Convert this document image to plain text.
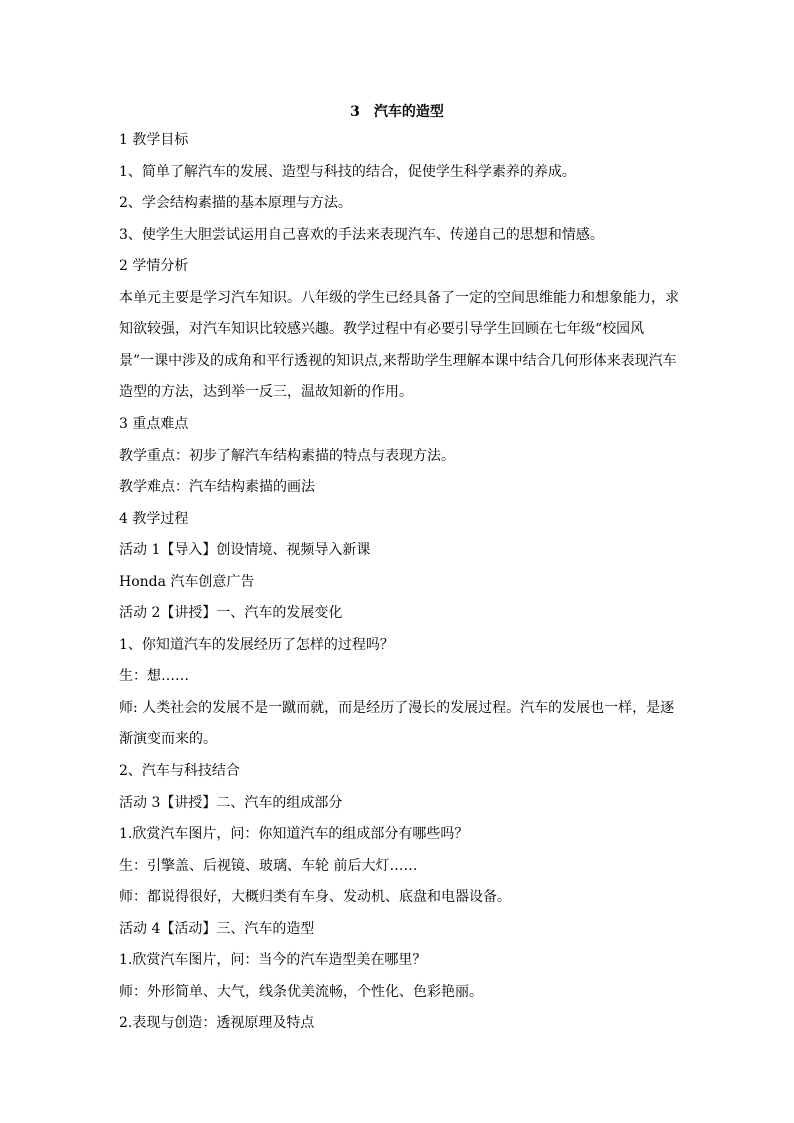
3　汽车的造型

1 教学目标

1、简单了解汽车的发展、造型与科技的结合，促使学生科学素养的养成。

2、学会结构素描的基本原理与方法。

3、使学生大胆尝试运用自己喜欢的手法来表现汽车、传递自己的思想和情感。

2 学情分析

本单元主要是学习汽车知识。八年级的学生已经具备了一定的空间思维能力和想象能力，求知欲较强，对汽车知识比较感兴趣。教学过程中有必要引导学生回顾在七年级“校园风景”一课中涉及的成角和平行透视的知识点,来帮助学生理解本课中结合几何形体来表现汽车造型的方法，达到举一反三，温故知新的作用。

3 重点难点

教学重点：初步了解汽车结构素描的特点与表现方法。

教学难点：汽车结构素描的画法

4 教学过程

活动 1【导入】创设情境、视频导入新课

Honda 汽车创意广告

活动 2【讲授】一、汽车的发展变化

1、你知道汽车的发展经历了怎样的过程吗？

生：想……

师: 人类社会的发展不是一蹴而就，而是经历了漫长的发展过程。汽车的发展也一样，是逐渐演变而来的。

2、汽车与科技结合

活动 3【讲授】二、汽车的组成部分

1.欣赏汽车图片，问：你知道汽车的组成部分有哪些吗？

生：引擎盖、后视镜、玻璃、车轮 前后大灯……

师：都说得很好，大概归类有车身、发动机、底盘和电器设备。

活动 4【活动】三、汽车的造型

1.欣赏汽车图片，问：当今的汽车造型美在哪里？

师：外形简单、大气，线条优美流畅，个性化、色彩艳丽。

2.表现与创造：透视原理及特点
